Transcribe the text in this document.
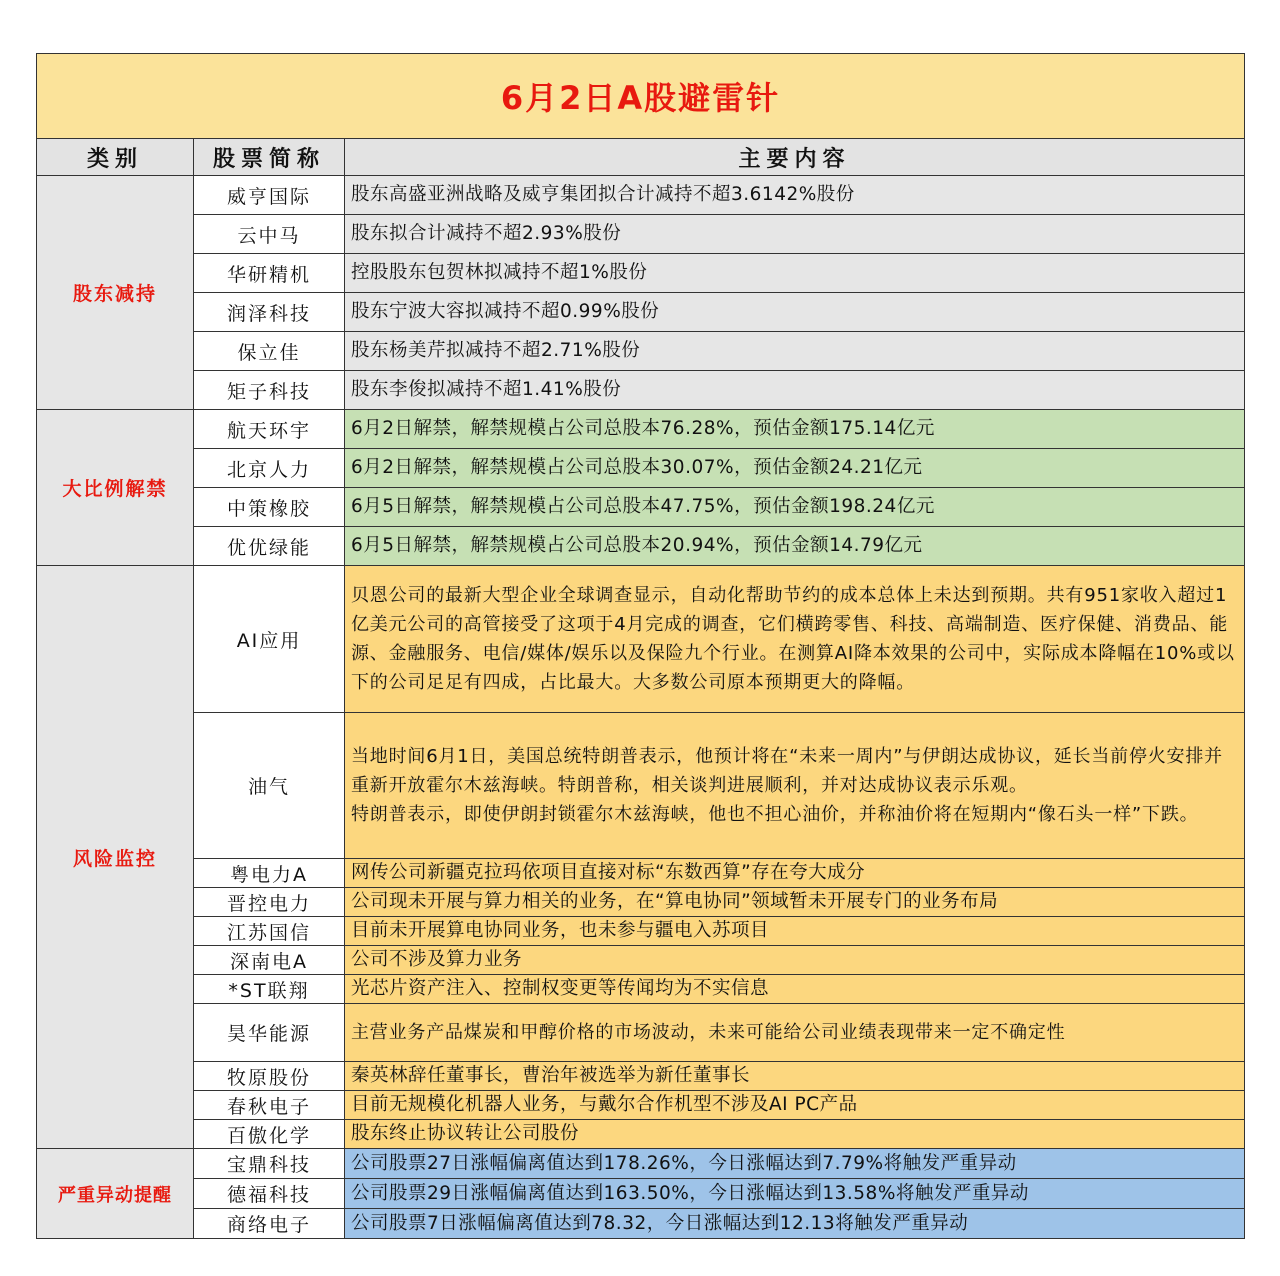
6月2日A股避雷针		
类别	股票简称	主要内容
股东减持	威亨国际	股东高盛亚洲战略及威亨集团拟合计减持不超3.6142%股份
	云中马	股东拟合计减持不超2.93%股份
	华研精机	控股股东包贺林拟减持不超1%股份
	润泽科技	股东宁波大容拟减持不超0.99%股份
	保立佳	股东杨美芹拟减持不超2.71%股份
	矩子科技	股东李俊拟减持不超1.41%股份
大比例解禁	航天环宇	6月2日解禁，解禁规模占公司总股本76.28%，预估金额175.14亿元
	北京人力	6月2日解禁，解禁规模占公司总股本30.07%，预估金额24.21亿元
	中策橡胶	6月5日解禁，解禁规模占公司总股本47.75%，预估金额198.24亿元
	优优绿能	6月5日解禁，解禁规模占公司总股本20.94%，预估金额14.79亿元
风险监控	AI应用	贝恩公司的最新大型企业全球调查显示，自动化帮助节约的成本总体上未达到预期。共有951家收入超过1亿美元公司的高管接受了这项于4月完成的调查，它们横跨零售、科技、高端制造、医疗保健、消费品、能源、金融服务、电信/媒体/娱乐以及保险九个行业。在测算AI降本效果的公司中，实际成本降幅在10%或以下的公司足足有四成，占比最大。大多数公司原本预期更大的降幅。
	油气	当地时间6月1日，美国总统特朗普表示，他预计将在“未来一周内”与伊朗达成协议，延长当前停火安排并重新开放霍尔木兹海峡。特朗普称，相关谈判进展顺利，并对达成协议表示乐观。
特朗普表示，即使伊朗封锁霍尔木兹海峡，他也不担心油价，并称油价将在短期内“像石头一样”下跌。

	粤电力A	网传公司新疆克拉玛依项目直接对标“东数西算”存在夸大成分
	晋控电力	公司现未开展与算力相关的业务，在“算电协同”领域暂未开展专门的业务布局
	江苏国信	目前未开展算电协同业务，也未参与疆电入苏项目
	深南电A	公司不涉及算力业务
	*ST联翔	光芯片资产注入、控制权变更等传闻均为不实信息
	昊华能源	主营业务产品煤炭和甲醇价格的市场波动，未来可能给公司业绩表现带来一定不确定性
	牧原股份	秦英林辞任董事长，曹治年被选举为新任董事长
	春秋电子	目前无规模化机器人业务，与戴尔合作机型不涉及AI PC产品
	百傲化学	股东终止协议转让公司股份
严重异动提醒	宝鼎科技	公司股票27日涨幅偏离值达到178.26%，今日涨幅达到7.79%将触发严重异动
	德福科技	公司股票29日涨幅偏离值达到163.50%，今日涨幅达到13.58%将触发严重异动
	商络电子	公司股票7日涨幅偏离值达到78.32，今日涨幅达到12.13将触发严重异动
